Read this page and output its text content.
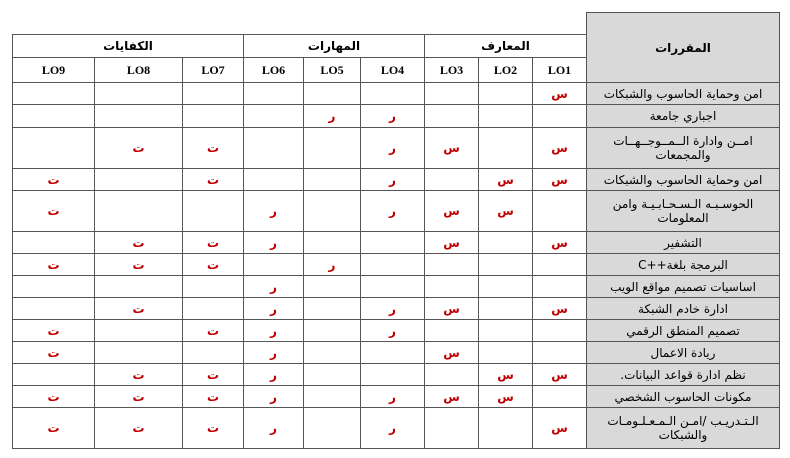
									المقررات
الكفايات			المهارات			المعارف			
LO9	LO8	LO7	LO6	LO5	LO4	LO3	LO2	LO1	
								س	امن وحماية الحاسوب والشبكات
				ر	ر				اجباري جامعة
	ت	ت			ر	س		س	امــن وادارة الــمــوجــهــات والمجمعات
ت		ت			ر		س	س	امن وحماية الحاسوب والشبكات
ت			ر		ر	س	س		الحوسـبـه الـسـحـابـيـة وامن المعلومات
	ت	ت	ر			س		س	التشفير
ت	ت	ت		ر					البرمجة بلغة++C
			ر						اساسيات تصميم مواقع الويب
	ت		ر		ر	س		س	ادارة خادم الشبكة
ت		ت	ر		ر				تصميم المنطق الرقمي
ت			ر			س			ريادة الاعمال
	ت	ت	ر				س	س	نظم ادارة قواعد البيانات.
ت	ت	ت	ر		ر	س	س		مكونات الحاسوب الشخصي
ت	ت	ت	ر		ر			س	الـتـدريـب /امـن الـمـعـلـومـات والشبكات
